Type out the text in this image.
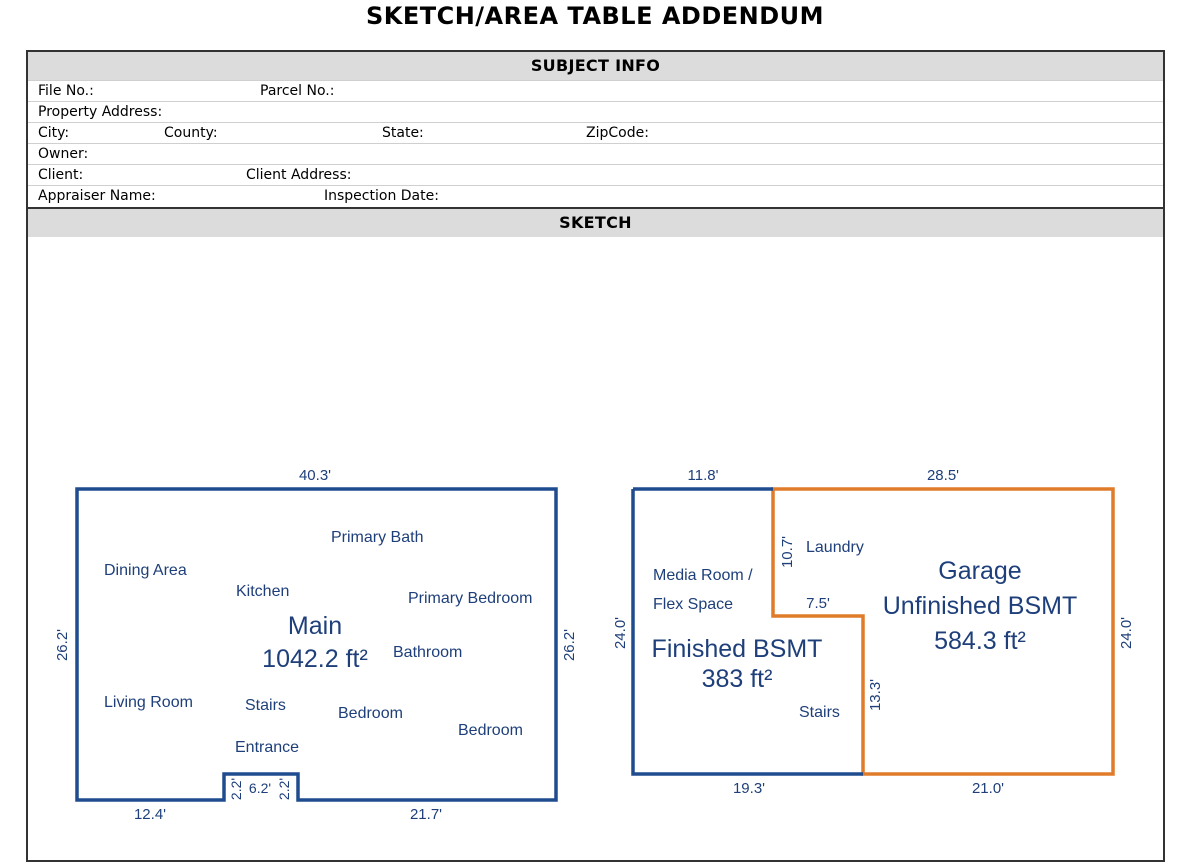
SKETCH/AREA TABLE ADDENDUM
SUBJECT INFO
File No.:	Parcel No.:
Property Address:
City:	County:	State:	ZipCode:
Owner:
Client:	Client Address:
Appraiser Name:	Inspection Date:
SKETCH
40.3'
26.2'	26.2'
12.4'	21.7'
2.2' 6.2' 2.2'
Dining Area
Kitchen
Primary Bath
Primary Bedroom
Bathroom
Living Room	Stairs	Bedroom
Bedroom
Entrance
Main
1042.2 ft²
11.8'	28.5'
24.0'	24.0'
19.3'	21.0'
10.7'
7.5'
13.3'
Media Room /
Flex Space
Laundry
Stairs
Finished BSMT
383 ft²
Garage
Unfinished BSMT
584.3 ft²
